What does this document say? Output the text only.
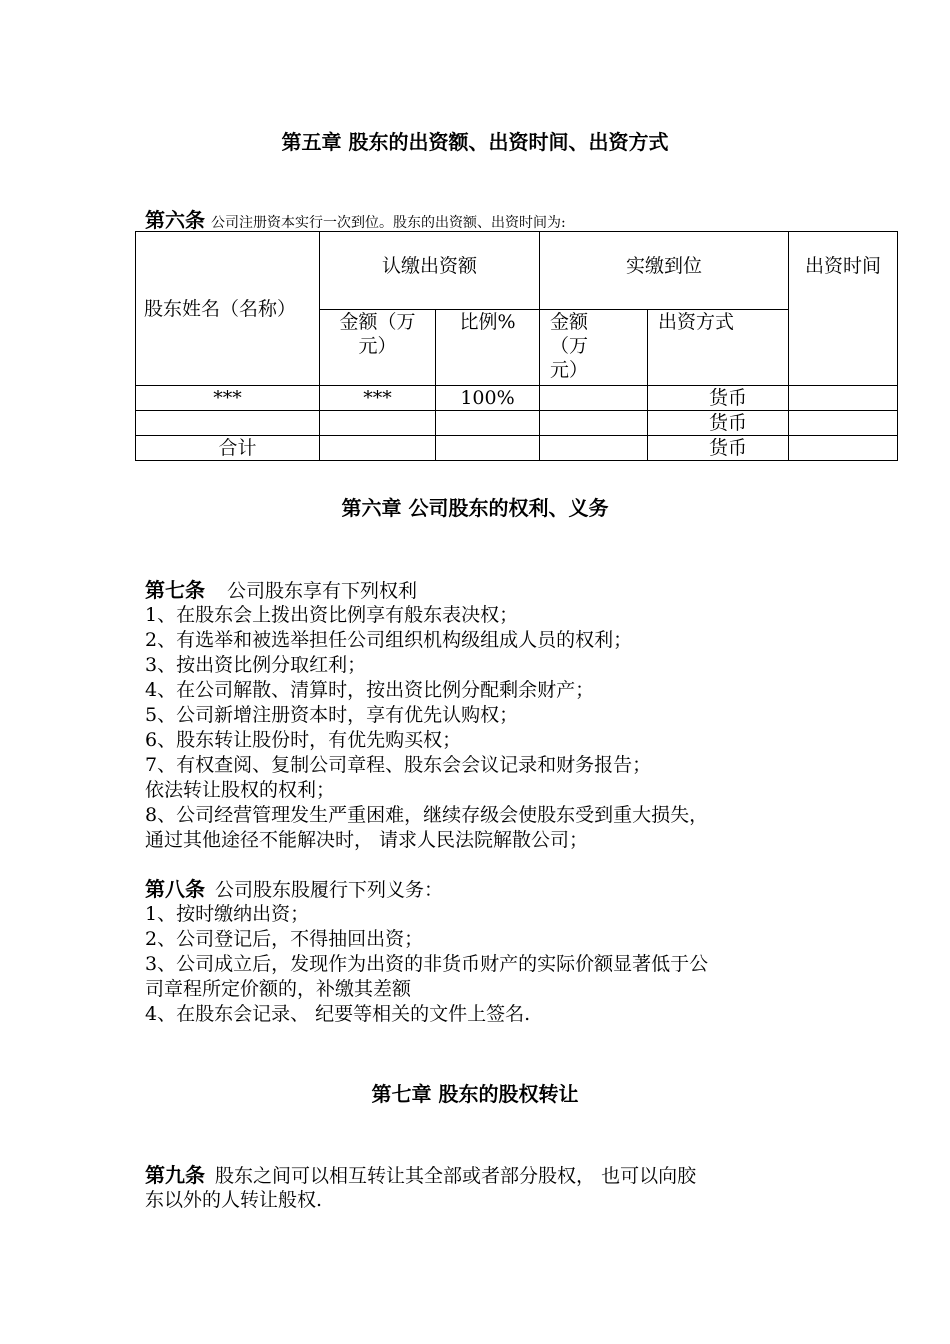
第五章 股东的出资额、出资时间、出资方式
第六条 公司注册资本实行一次到位。股东的出资额、出资时间为:
股东姓名（名称）	认缴出资额		实缴到位		出资时间

	金额（万元）	比例%	金额（万元）	出资方式	
***	***	100%		货币	
				货币	
合计				货币	
第六章 公司股东的权利、义务
第七条 公司股东享有下列权利
1、在股东会上拨出资比例享有般东表决权；
2、有选举和被选举担任公司组织机构级组成人员的权利；
3、按出资比例分取红利；
4、在公司解散、清算时，按出资比例分配剩余财产；
5、公司新增注册资本时，享有优先认购权；
6、股东转让股份时，有优先购买权；
7、有权查阅、复制公司章程、股东会会议记录和财务报告；
依法转让股权的权利；
8、公司经营管理发生严重困难，继续存级会使股东受到重大损失，
通过其他途径不能解决时， 请求人民法院解散公司；
第八条 公司股东股履行下列义务：
1、按时缴纳出资；
2、公司登记后，不得抽回出资；
3、公司成立后，发现作为出资的非货币财产的实际价额显著低于公
司章程所定价额的，补缴其差额
4、在股东会记录、 纪要等相关的文件上签名.
第七章 股东的股权转让
第九条 股东之间可以相互转让其全部或者部分股权， 也可以向胶
东以外的人转让般权.
